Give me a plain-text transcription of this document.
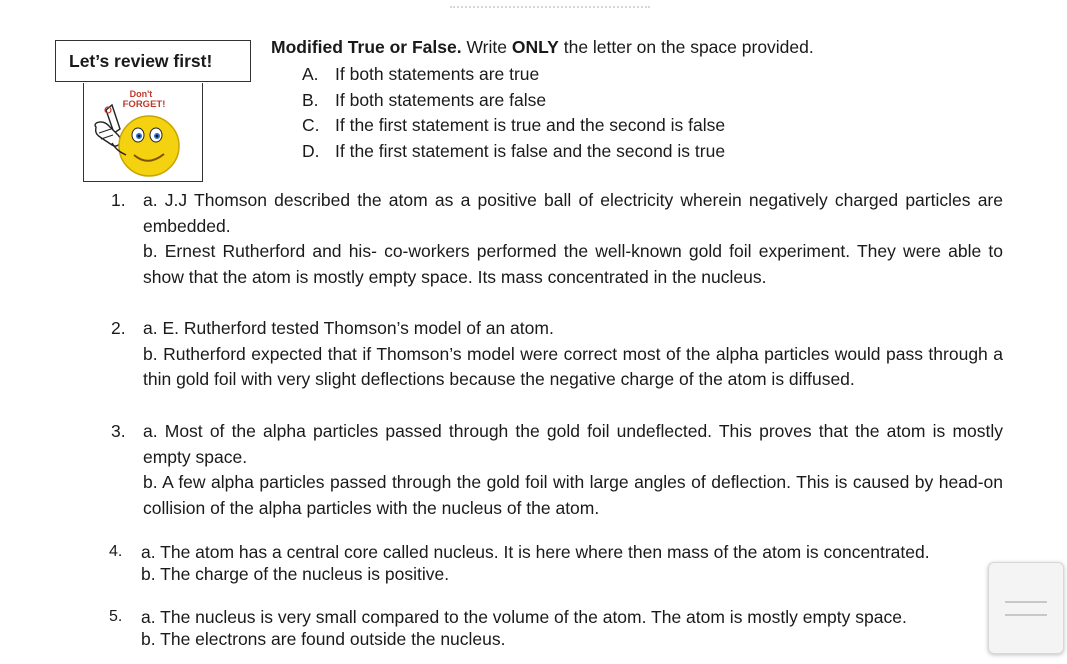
Let’s review first!
Don't
FORGET!
Modified True or False. Write ONLY the letter on the space provided.
A. If both statements are true
B. If both statements are false
C. If the first statement is true and the second is false
D. If the first statement is false and the second is true
1. a. J.J Thomson described the atom as a positive ball of electricity wherein negatively charged particles are embedded.

b. Ernest Rutherford and his- co-workers performed the well-known gold foil experiment. They were able to show that the atom is mostly empty space. Its mass concentrated in the nucleus.

2. a. E. Rutherford tested Thomson’s model of an atom.

b. Rutherford expected that if Thomson’s model were correct most of the alpha particles would pass through a thin gold foil with very slight deflections because the negative charge of the atom is diffused.

3. a. Most of the alpha particles passed through the gold foil undeflected. This proves that the atom is mostly empty space.

b. A few alpha particles passed through the gold foil with large angles of deflection. This is caused by head-on collision of the alpha particles with the nucleus of the atom.

4. a. The atom has a central core called nucleus. It is here where then mass of the atom is concentrated.

b. The charge of the nucleus is positive.

5. a. The nucleus is very small compared to the volume of the atom. The atom is mostly empty space.

b. The electrons are found outside the nucleus.
